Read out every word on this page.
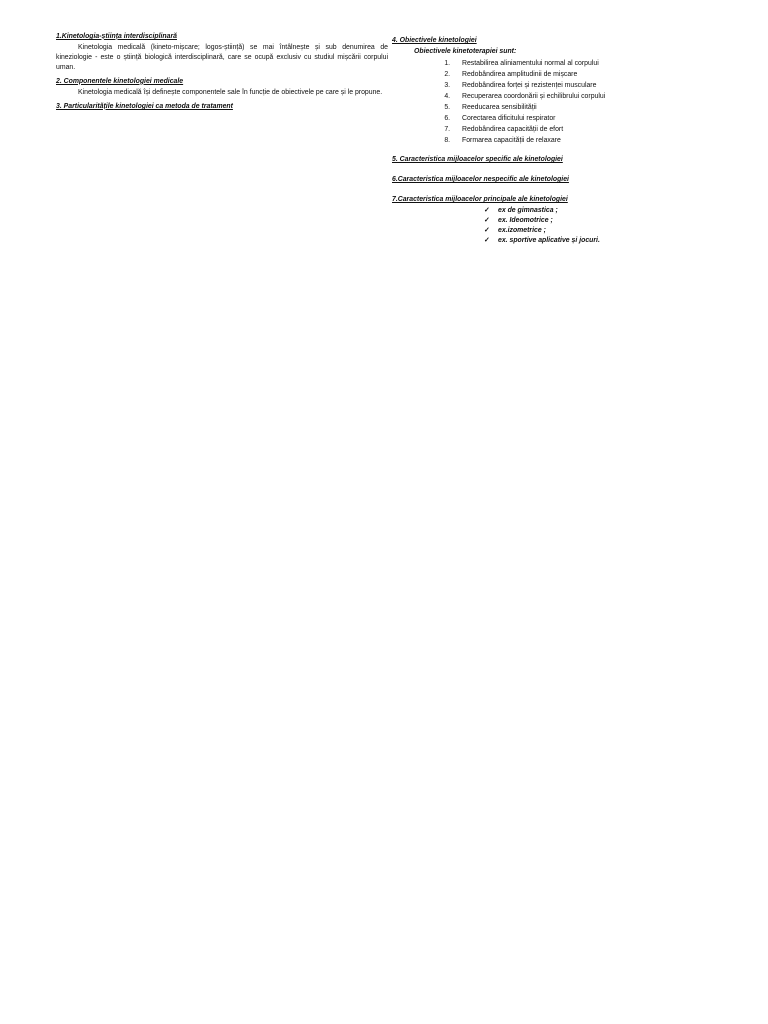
1.Kinetologia-știința interdisciplinară

Kinetologia medicală (kineto-mișcare; logos-știință) se mai întâlnește și sub denumirea de kineziologie - este o știință biologică interdisciplinară, care se ocupă exclusiv cu studiul mișcării corpului uman.

2. Componentele kinetologiei medicale

Kinetologia medicală își definește componentele sale în funcție de obiectivele pe care și le propune.

3. Particularitățile kinetologiei ca metoda de tratament

4. Obiectivele kinetologiei

Obiectivele kinetoterapiei sunt:

1. Restabilirea aliniamentului normal al corpului
2. Redobândirea amplitudinii de mișcare
3. Redobândirea forței și rezistenței musculare
4. Recuperarea coordonării și echilibrului corpului
5. Reeducarea sensibilității
6. Corectarea dificitului respirator
7. Redobândirea capacității de efort
8. Formarea capacității de relaxare

5. Caracteristica mijloacelor specific ale kinetologiei

6.Caracteristica mijloacelor nespecific ale kinetologiei

7.Caracteristica mijloacelor principale ale kinetologiei

✓ ex de gimnastica ;
✓ ex. Ideomotrice ;
✓ ex.izometrice ;
✓ ex. sportive aplicative și jocuri.
